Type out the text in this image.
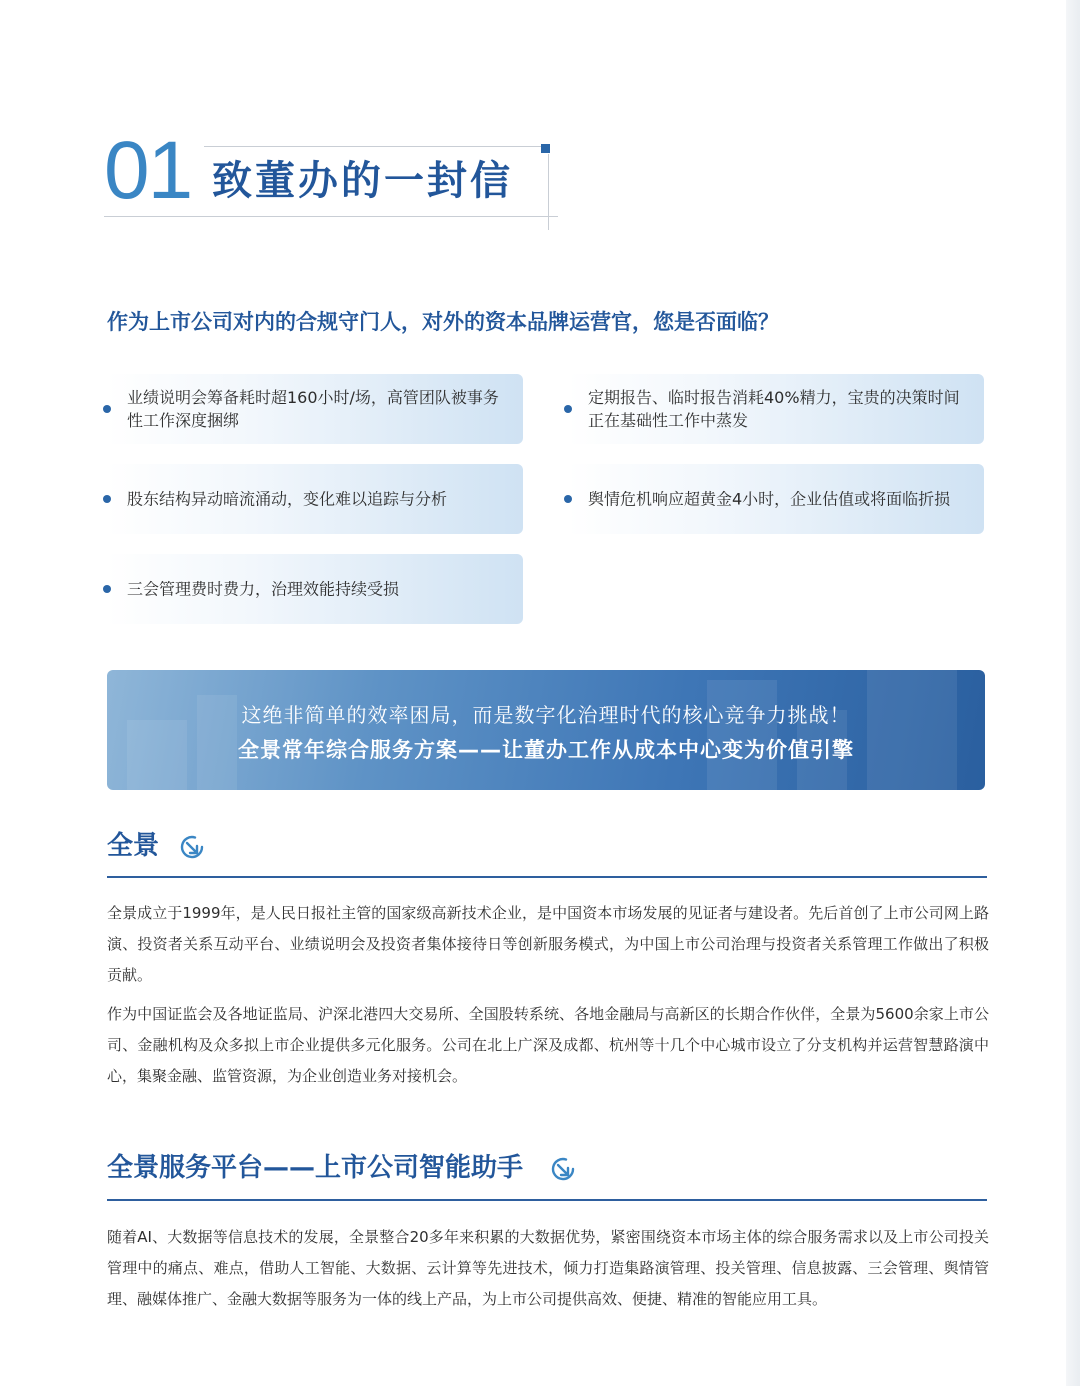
01 致董办的一封信
作为上市公司对内的合规守门人，对外的资本品牌运营官，您是否面临？
业绩说明会筹备耗时超160小时/场，高管团队被事务性工作深度捆绑
定期报告、临时报告消耗40%精力，宝贵的决策时间正在基础性工作中蒸发
股东结构异动暗流涌动，变化难以追踪与分析	舆情危机响应超黄金4小时，企业估值或将面临折损
三会管理费时费力，治理效能持续受损
这绝非简单的效率困局，而是数字化治理时代的核心竞争力挑战！
全景常年综合服务方案——让董办工作从成本中心变为价值引擎
全景

全景成立于1999年，是人民日报社主管的国家级高新技术企业，是中国资本市场发展的见证者与建设者。先后首创了上市公司网上路演、投资者关系互动平台、业绩说明会及投资者集体接待日等创新服务模式，为中国上市公司治理与投资者关系管理工作做出了积极贡献。

作为中国证监会及各地证监局、沪深北港四大交易所、全国股转系统、各地金融局与高新区的长期合作伙伴，全景为5600余家上市公司、金融机构及众多拟上市企业提供多元化服务。公司在北上广深及成都、杭州等十几个中心城市设立了分支机构并运营智慧路演中心，集聚金融、监管资源，为企业创造业务对接机会。

全景服务平台——上市公司智能助手

随着AI、大数据等信息技术的发展，全景整合20多年来积累的大数据优势，紧密围绕资本市场主体的综合服务需求以及上市公司投关管理中的痛点、难点，借助人工智能、大数据、云计算等先进技术，倾力打造集路演管理、投关管理、信息披露、三会管理、舆情管理、融媒体推广、金融大数据等服务为一体的线上产品，为上市公司提供高效、便捷、精准的智能应用工具。
